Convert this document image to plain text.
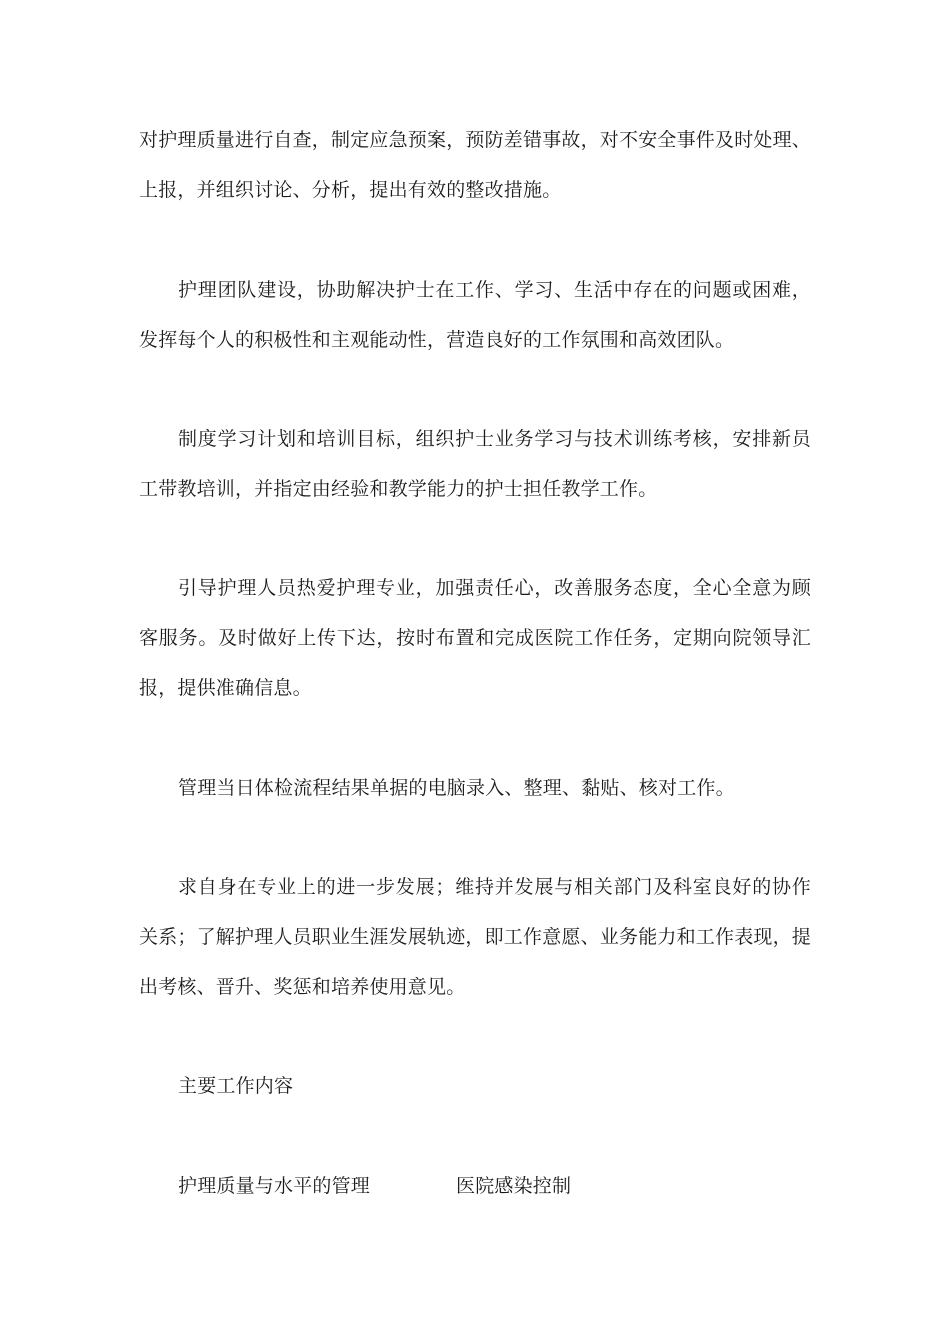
对护理质量进行自查，制定应急预案，预防差错事故，对不安全事件及时处理、上报，并组织讨论、分析，提出有效的整改措施。

护理团队建设，协助解决护士在工作、学习、生活中存在的问题或困难，发挥每个人的积极性和主观能动性，营造良好的工作氛围和高效团队。

制度学习计划和培训目标，组织护士业务学习与技术训练考核，安排新员工带教培训，并指定由经验和教学能力的护士担任教学工作。

引导护理人员热爱护理专业，加强责任心，改善服务态度，全心全意为顾客服务。及时做好上传下达，按时布置和完成医院工作任务，定期向院领导汇报，提供准确信息。

管理当日体检流程结果单据的电脑录入、整理、黏贴、核对工作。

求自身在专业上的进一步发展；维持并发展与相关部门及科室良好的协作关系；了解护理人员职业生涯发展轨迹，即工作意愿、业务能力和工作表现，提出考核、晋升、奖惩和培养使用意见。

主要工作内容

护理质量与水平的管理	医院感染控制
